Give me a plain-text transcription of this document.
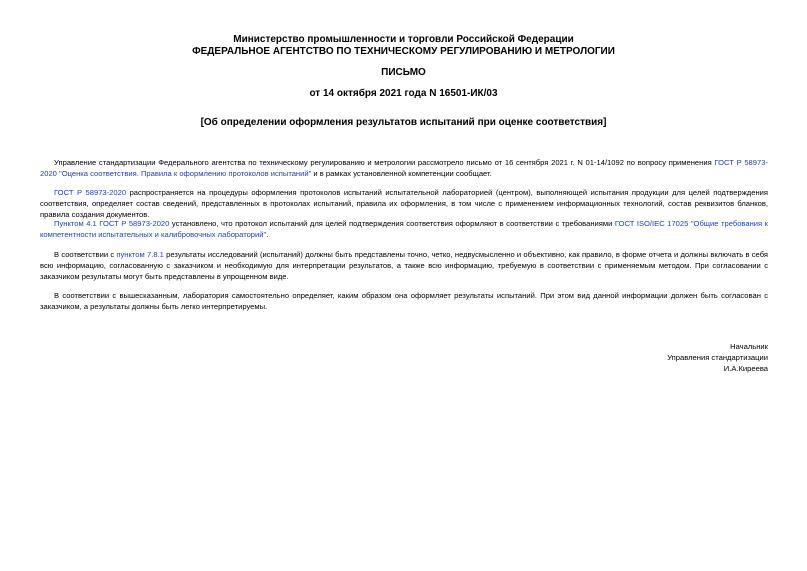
Министерство промышленности и торговли Российской Федерации
ФЕДЕРАЛЬНОЕ АГЕНТСТВО ПО ТЕХНИЧЕСКОМУ РЕГУЛИРОВАНИЮ И МЕТРОЛОГИИ
ПИСЬМО
от 14 октября 2021 года N 16501-ИК/03
[Об определении оформления результатов испытаний при оценке соответствия]

Управление стандартизации Федерального агентства по техническому регулированию и метрологии рассмотрело письмо от 16 сентября 2021 г. N 01-14/1092 по вопросу применения ГОСТ Р 58973-2020 "Оценка соответствия. Правила к оформлению протоколов испытаний" и в рамках установленной компетенции сообщает.

ГОСТ Р 58973-2020 распространяется на процедуры оформления протоколов испытаний испытательной лабораторией (центром), выполняющей испытания продукции для целей подтверждения соответствия, определяет состав сведений, представленных в протоколах испытаний, правила их оформления, в том числе с применением информационных технологий, состав реквизитов бланков, правила создания документов.

Пунктом 4.1 ГОСТ Р 58973-2020 установлено, что протокол испытаний для целей подтверждения соответствия оформляют в соответствии с требованиями ГОСТ ISO/IEC 17025 "Общие требования к компетентности испытательных и калибровочных лабораторий".

В соответствии с пунктом 7.8.1 результаты исследований (испытаний) должны быть представлены точно, четко, недвусмысленно и объективно, как правило, в форме отчета и должны включать в себя всю информацию, согласованную с заказчиком и необходимую для интерпретации результатов, а также всю информацию, требуемую в соответствии с применяемым методом. При согласовании с заказчиком результаты могут быть представлены в упрощенном виде.

В соответствии с вышесказанным, лаборатория самостоятельно определяет, каким образом она оформляет результаты испытаний. При этом вид данной информации должен быть согласован с заказчиком, а результаты должны быть легко интерпретируемы.

Начальник
Управления стандартизации
И.А.Киреева
